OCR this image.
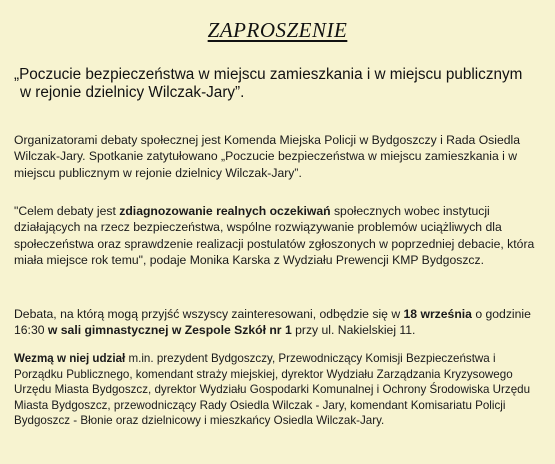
ZAPROSZENIE
„Poczucie bezpieczeństwa w miejscu zamieszkania i w miejscu publicznym
w rejonie dzielnicy Wilczak-Jary”.
Organizatorami debaty społecznej jest Komenda Miejska Policji w Bydgoszczy i Rada Osiedla Wilczak-Jary. Spotkanie zatytułowano „Poczucie bezpieczeństwa w miejscu zamieszkania i w miejscu publicznym w rejonie dzielnicy Wilczak-Jary”.
"Celem debaty jest zdiagnozowanie realnych oczekiwań społecznych wobec instytucji działających na rzecz bezpieczeństwa, wspólne rozwiązywanie problemów uciążliwych dla społeczeństwa oraz sprawdzenie realizacji postulatów zgłoszonych w poprzedniej debacie, która miała miejsce rok temu", podaje Monika Karska z Wydziału Prewencji KMP Bydgoszcz.
Debata, na którą mogą przyjść wszyscy zainteresowani, odbędzie się w 18 września o godzinie 16:30 w sali gimnastycznej w Zespole Szkół nr 1 przy ul. Nakielskiej 11.
Wezmą w niej udział m.in. prezydent Bydgoszczy, Przewodniczący Komisji Bezpieczeństwa i Porządku Publicznego, komendant straży miejskiej, dyrektor Wydziału Zarządzania Kryzysowego Urzędu Miasta Bydgoszcz, dyrektor Wydziału Gospodarki Komunalnej i Ochrony Środowiska Urzędu Miasta Bydgoszcz, przewodniczący Rady Osiedla Wilczak - Jary, komendant Komisariatu Policji Bydgoszcz - Błonie oraz dzielnicowy i mieszkańcy Osiedla Wilczak-Jary.
